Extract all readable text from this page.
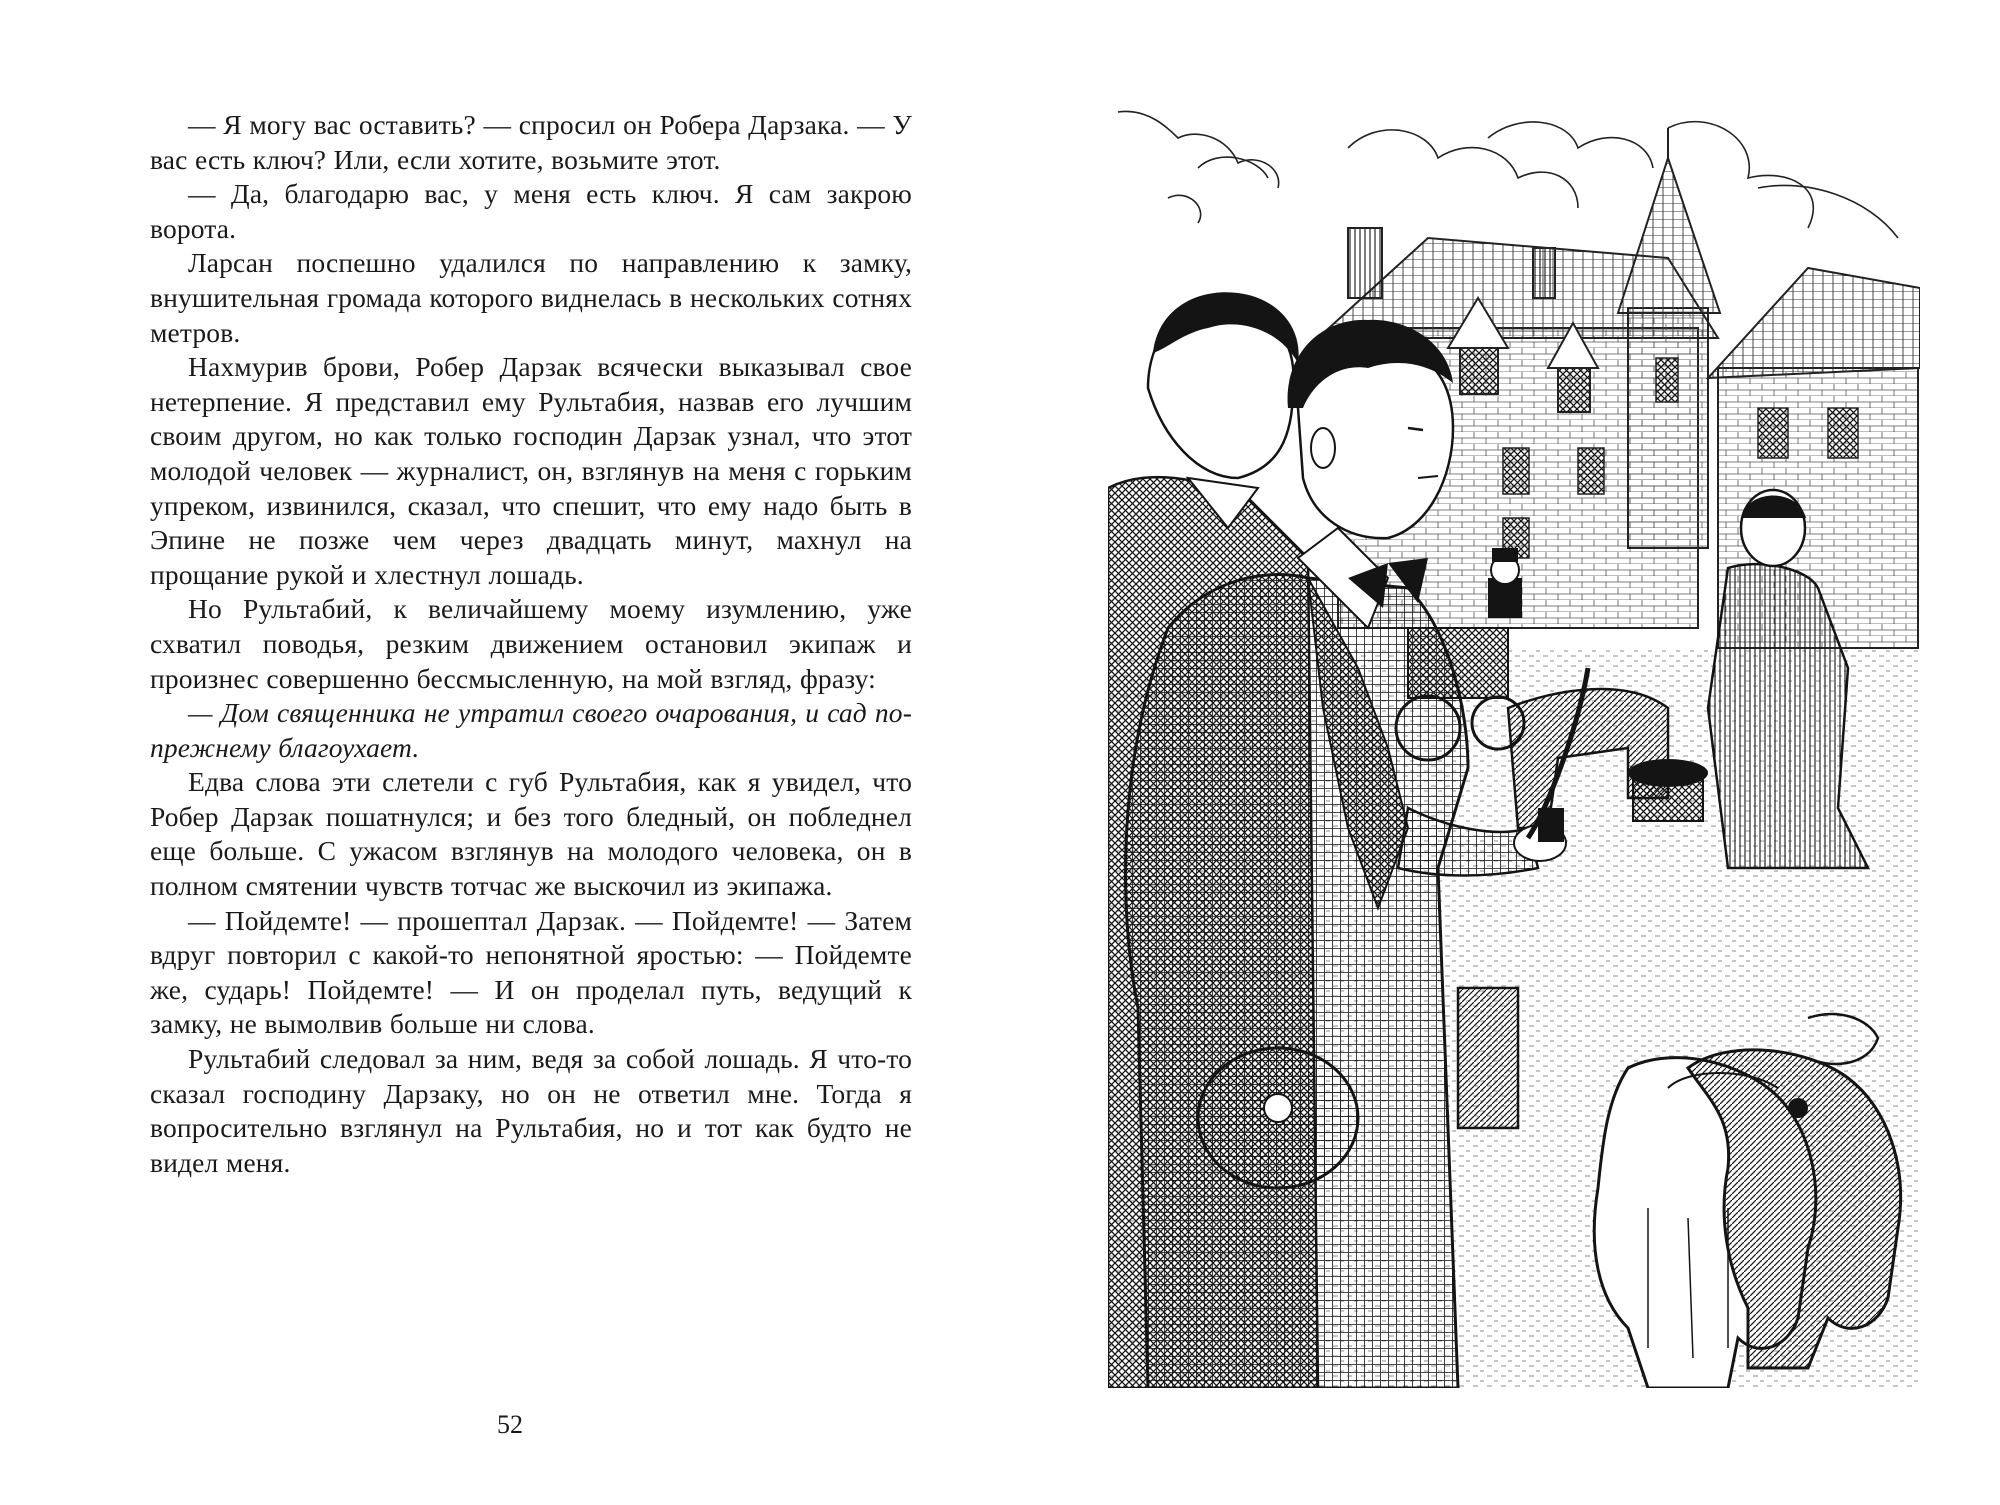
— Я могу вас оставить? — спросил он Робера Дарзака. — У вас есть ключ? Или, если хотите, возьмите этот.

— Да, благодарю вас, у меня есть ключ. Я сам закрою ворота.

Ларсан поспешно удалился по направлению к замку, внушительная громада которого виднелась в нескольких сотнях метров.

Нахмурив брови, Робер Дарзак всячески выказывал свое нетерпение. Я представил ему Рультабия, назвав его лучшим своим другом, но как только господин Дарзак узнал, что этот молодой человек — журналист, он, взглянув на меня с горьким упреком, извинился, сказал, что спешит, что ему надо быть в Эпине не позже чем через двадцать минут, махнул на прощание рукой и хлестнул лошадь.

Но Рультабий, к величайшему моему изумлению, уже схватил поводья, резким движением остановил экипаж и произнес совершенно бессмысленную, на мой взгляд, фразу:

— Дом священника не утратил своего очарования, и сад по-прежнему благоухает.

Едва слова эти слетели с губ Рультабия, как я увидел, что Робер Дарзак пошатнулся; и без того бледный, он побледнел еще больше. С ужасом взглянув на молодого человека, он в полном смятении чувств тотчас же выскочил из экипажа.

— Пойдемте! — прошептал Дарзак. — Пойдемте! — Затем вдруг повторил с какой-то непонятной яростью: — Пойдемте же, сударь! Пойдемте! — И он проделал путь, ведущий к замку, не вымолвив больше ни слова.

Рультабий следовал за ним, ведя за собой лошадь. Я что-то сказал господину Дарзаку, но он не ответил мне. Тогда я вопросительно взглянул на Рультабия, но и тот как будто не видел меня.

52
